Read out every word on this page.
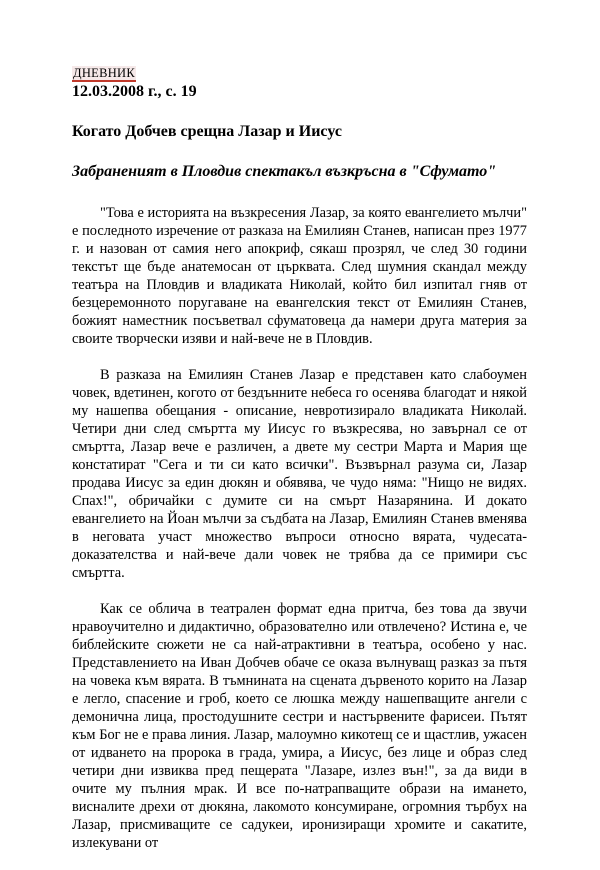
ДНЕВНИК
12.03.2008 г., с. 19
Когато Добчев срещна Лазар и Иисус
Забраненият в Пловдив спектакъл възкръсна в "Сфумато"

"Това е историята на възкресения Лазар, за която евангелието мълчи" е последното изречение от разказа на Емилиян Станев, написан през 1977 г. и назован от самия него апокриф, сякаш прозрял, че след 30 години текстът ще бъде анатемосан от църквата. След шумния скандал между театъра на Пловдив и владиката Николай, който бил изпитал гняв от безцеремонното поругаване на евангелския текст от Емилиян Станев, божият наместник посъветвал сфуматовеца да намери друга материя за своите творчески изяви и най-вече не в Пловдив.

В разказа на Емилиян Станев Лазар е представен като слабоумен човек, вдетинен, когото от бездънните небеса го осенява благодат и някой му нашепва обещания - описание, невротизирало владиката Николай. Четири дни след смъртта му Иисус го възкресява, но завърнал се от смъртта, Лазар вече е различен, а двете му сестри Марта и Мария ще констатират "Сега и ти си като всички". Възвърнал разума си, Лазар продава Иисус за един дюкян и обявява, че чудо няма: "Нищо не видях. Спах!", обричайки с думите си на смърт Назарянина. И докато евангелието на Йоан мълчи за съдбата на Лазар, Емилиян Станев вменява в неговата участ множество въпроси относно вярата, чудесата-доказателства и най-вече дали човек не трябва да се примири със смъртта.

Как се облича в театрален формат една притча, без това да звучи нравоучително и дидактично, образователно или отвлечено? Истина е, че библейските сюжети не са най-атрактивни в театъра, особено у нас. Представлението на Иван Добчев обаче се оказа вълнуващ разказ за пътя на човека към вярата. В тъмнината на сцената дървеното корито на Лазар е легло, спасение и гроб, което се люшка между нашепващите ангели с демонична лица, простодушните сестри и настървените фарисеи. Пътят към Бог не е права линия. Лазар, малоумно кикотещ се и щастлив, ужасен от идването на пророка в града, умира, а Иисус, без лице и образ след четири дни извиква пред пещерата "Лазаре, излез вън!", за да види в очите му пълния мрак. И все по-натрапващите образи на имането, висналите дрехи от дюкяна, лакомото консумиране, огромния търбух на Лазар, присмиващите се садукеи, иронизиращи хромите и сакатите, излекувани от
